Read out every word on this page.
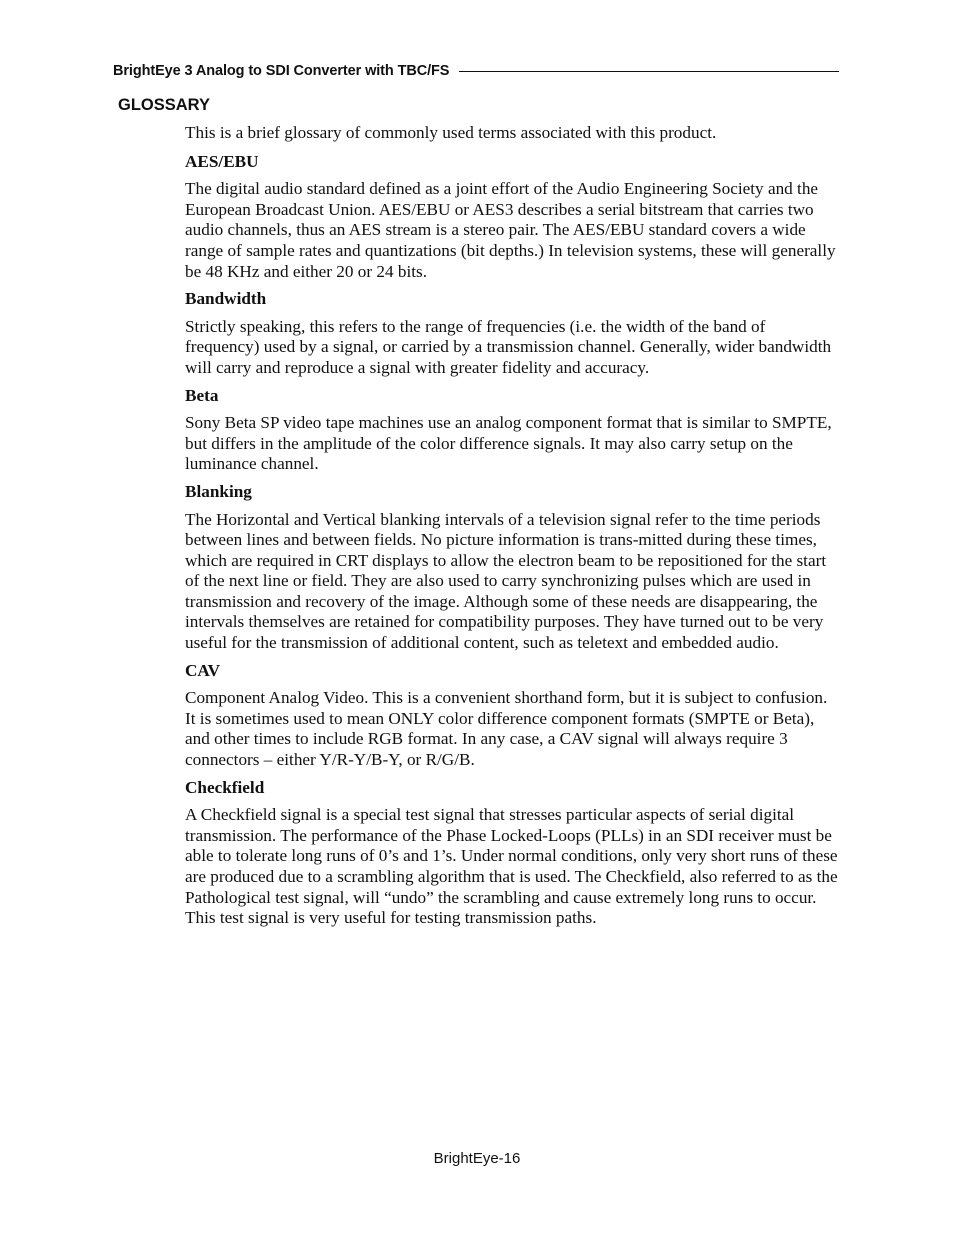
BrightEye 3 Analog to SDI Converter with TBC/FS
GLOSSARY

This is a brief glossary of commonly used terms associated with this product.

AES/EBU

The digital audio standard defined as a joint effort of the Audio Engineering Society and the European Broadcast Union. AES/EBU or AES3 describes a serial bitstream that carries two audio channels, thus an AES stream is a stereo pair. The AES/EBU standard covers a wide range of sample rates and quantizations (bit depths.) In television systems, these will generally be 48 KHz and either 20 or 24 bits.

Bandwidth

Strictly speaking, this refers to the range of frequencies (i.e. the width of the band of frequency) used by a signal, or carried by a transmission channel. Generally, wider bandwidth will carry and reproduce a signal with greater fidelity and accuracy.

Beta

Sony Beta SP video tape machines use an analog component format that is similar to SMPTE, but differs in the amplitude of the color difference signals. It may also carry setup on the luminance channel.

Blanking

The Horizontal and Vertical blanking intervals of a television signal refer to the time periods between lines and between fields. No picture information is trans-mitted during these times, which are required in CRT displays to allow the electron beam to be repositioned for the start of the next line or field. They are also used to carry synchronizing pulses which are used in transmission and recovery of the image. Although some of these needs are disappearing, the intervals themselves are retained for compatibility purposes. They have turned out to be very useful for the transmission of additional content, such as teletext and embedded audio.

CAV

Component Analog Video. This is a convenient shorthand form, but it is subject to confusion. It is sometimes used to mean ONLY color difference component formats (SMPTE or Beta), and other times to include RGB format. In any case, a CAV signal will always require 3 connectors – either Y/R-Y/B-Y, or R/G/B.

Checkfield

A Checkfield signal is a special test signal that stresses particular aspects of serial digital transmission. The performance of the Phase Locked-Loops (PLLs) in an SDI receiver must be able to tolerate long runs of 0’s and 1’s. Under normal conditions, only very short runs of these are produced due to a scrambling algorithm that is used. The Checkfield, also referred to as the Pathological test signal, will “undo” the scrambling and cause extremely long runs to occur. This test signal is very useful for testing transmission paths.

BrightEye-16
